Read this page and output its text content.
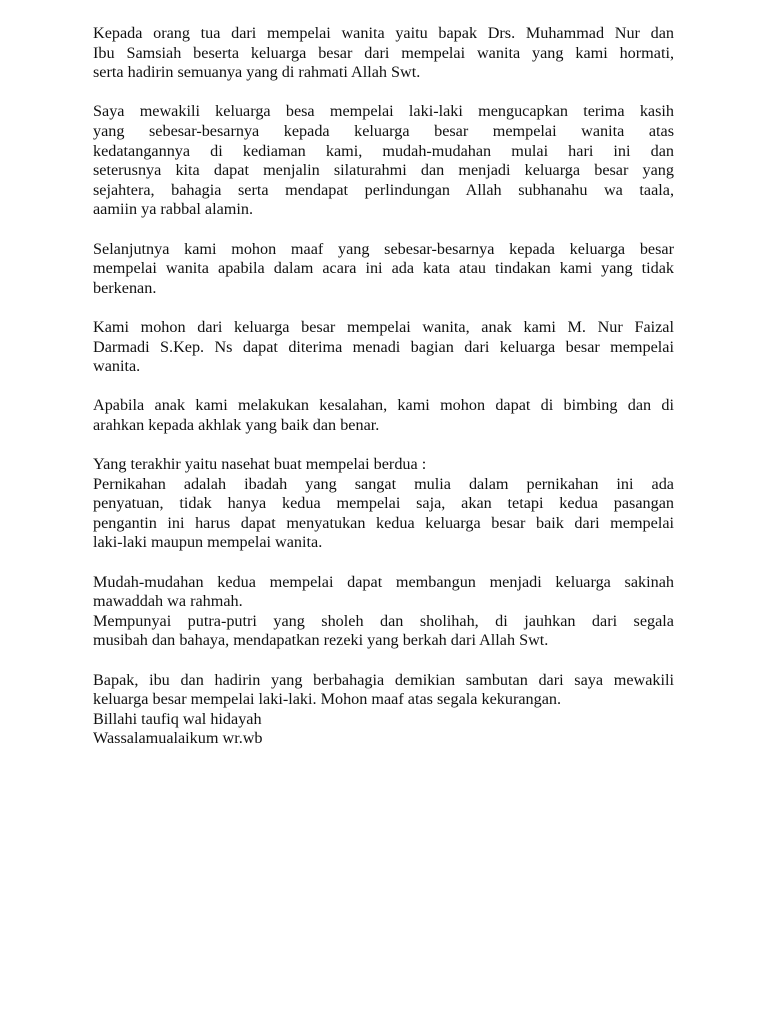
Kepada orang tua dari mempelai wanita yaitu bapak Drs. Muhammad Nur dan
Ibu Samsiah beserta keluarga besar dari mempelai wanita yang kami hormati,
serta hadirin semuanya yang di rahmati Allah Swt.

Saya mewakili keluarga besa mempelai laki-laki mengucapkan terima kasih
yang sebesar-besarnya kepada keluarga besar mempelai wanita atas
kedatangannya di kediaman kami, mudah-mudahan mulai hari ini dan
seterusnya kita dapat menjalin silaturahmi dan menjadi keluarga besar yang
sejahtera, bahagia serta mendapat perlindungan Allah subhanahu wa taala,
aamiin ya rabbal alamin.

Selanjutnya kami mohon maaf yang sebesar-besarnya kepada keluarga besar
mempelai wanita apabila dalam acara ini ada kata atau tindakan kami yang tidak
berkenan.

Kami mohon dari keluarga besar mempelai wanita, anak kami M. Nur Faizal
Darmadi S.Kep. Ns dapat diterima menadi bagian dari keluarga besar mempelai
wanita.

Apabila anak kami melakukan kesalahan, kami mohon dapat di bimbing dan di
arahkan kepada akhlak yang baik dan benar.

Yang terakhir yaitu nasehat buat mempelai berdua :
Pernikahan adalah ibadah yang sangat mulia dalam pernikahan ini ada
penyatuan, tidak hanya kedua mempelai saja, akan tetapi kedua pasangan
pengantin ini harus dapat menyatukan kedua keluarga besar baik dari mempelai
laki-laki maupun mempelai wanita.

Mudah-mudahan kedua mempelai dapat membangun menjadi keluarga sakinah
mawaddah wa rahmah.
Mempunyai putra-putri yang sholeh dan sholihah, di jauhkan dari segala
musibah dan bahaya, mendapatkan rezeki yang berkah dari Allah Swt.

Bapak, ibu dan hadirin yang berbahagia demikian sambutan dari saya mewakili
keluarga besar mempelai laki-laki. Mohon maaf atas segala kekurangan.
Billahi taufiq wal hidayah
Wassalamualaikum wr.wb
